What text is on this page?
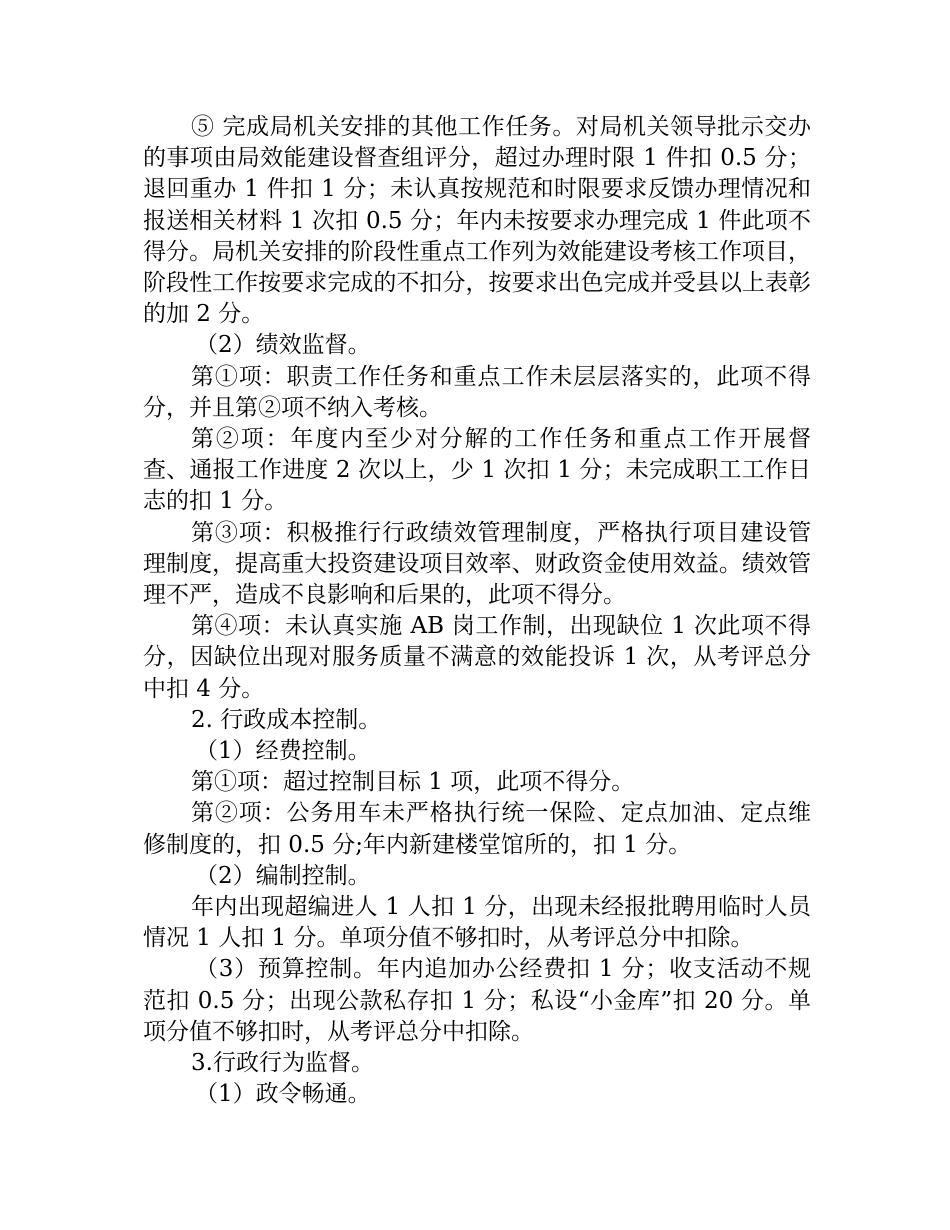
⑤ 完成局机关安排的其他工作任务。对局机关领导批示交办的事项由局效能建设督查组评分，超过办理时限 1 件扣 0.5 分；退回重办 1 件扣 1 分；未认真按规范和时限要求反馈办理情况和报送相关材料 1 次扣 0.5 分；年内未按要求办理完成 1 件此项不得分。局机关安排的阶段性重点工作列为效能建设考核工作项目，阶段性工作按要求完成的不扣分，按要求出色完成并受县以上表彰的加 2 分。

（2）绩效监督。

第①项：职责工作任务和重点工作未层层落实的，此项不得分，并且第②项不纳入考核。

第②项：年度内至少对分解的工作任务和重点工作开展督查、通报工作进度 2 次以上，少 1 次扣 1 分；未完成职工工作日志的扣 1 分。

第③项：积极推行行政绩效管理制度，严格执行项目建设管理制度，提高重大投资建设项目效率、财政资金使用效益。绩效管理不严，造成不良影响和后果的，此项不得分。

第④项：未认真实施 AB 岗工作制，出现缺位 1 次此项不得分，因缺位出现对服务质量不满意的效能投诉 1 次，从考评总分中扣 4 分。

2. 行政成本控制。

（1）经费控制。

第①项：超过控制目标 1 项，此项不得分。

第②项：公务用车未严格执行统一保险、定点加油、定点维修制度的，扣 0.5 分;年内新建楼堂馆所的，扣 1 分。

（2）编制控制。

年内出现超编进人 1 人扣 1 分，出现未经报批聘用临时人员情况 1 人扣 1 分。单项分值不够扣时，从考评总分中扣除。

（3）预算控制。年内追加办公经费扣 1 分；收支活动不规范扣 0.5 分；出现公款私存扣 1 分；私设“小金库”扣 20 分。单项分值不够扣时，从考评总分中扣除。

3.行政行为监督。

（1）政令畅通。
